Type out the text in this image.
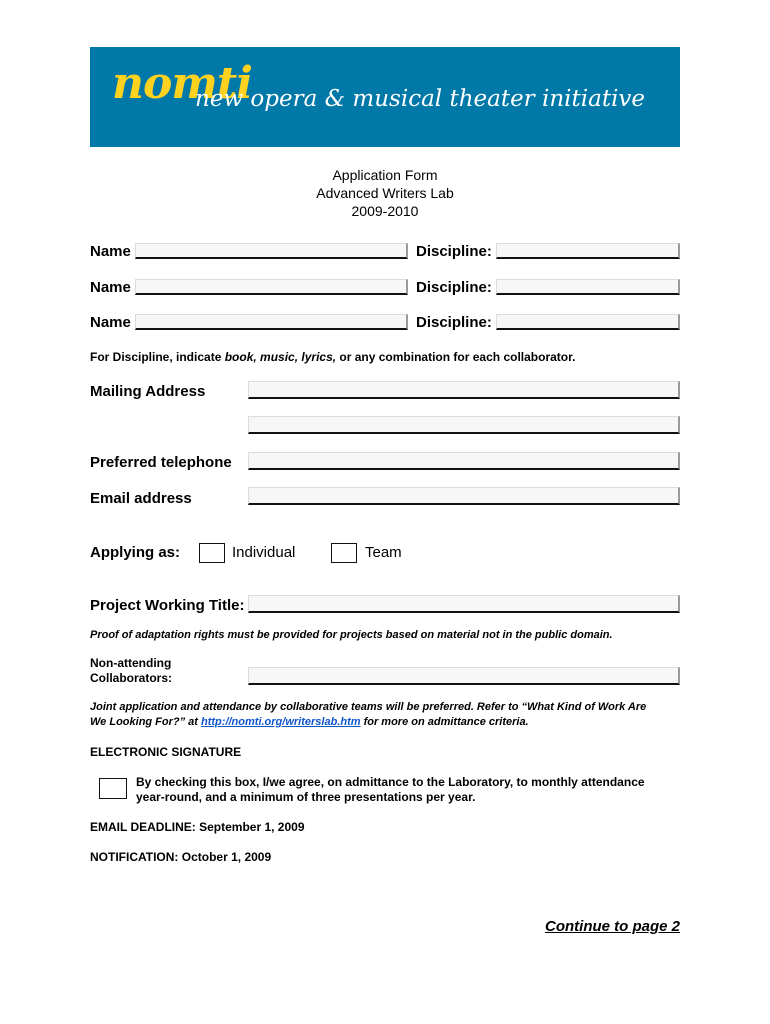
nomti
new opera & musical theater initiative
Application Form
Advanced Writers Lab
2009-2010
Name	Discipline:
Name	Discipline:
Name	Discipline:
For Discipline, indicate book, music, lyrics, or any combination for each collaborator.
Mailing Address
Preferred telephone
Email address
Applying as:	Individual	Team
Project Working Title:
Proof of adaptation rights must be provided for projects based on material not in the public domain.
Non-attending
Collaborators:
Joint application and attendance by collaborative teams will be preferred. Refer to “What Kind of Work Are
We Looking For?” at http://nomti.org/writerslab.htm for more on admittance criteria.
ELECTRONIC SIGNATURE
By checking this box, I/we agree, on admittance to the Laboratory, to monthly attendance
year-round, and a minimum of three presentations per year.
EMAIL DEADLINE: September 1, 2009
NOTIFICATION: October 1, 2009
Continue to page 2
